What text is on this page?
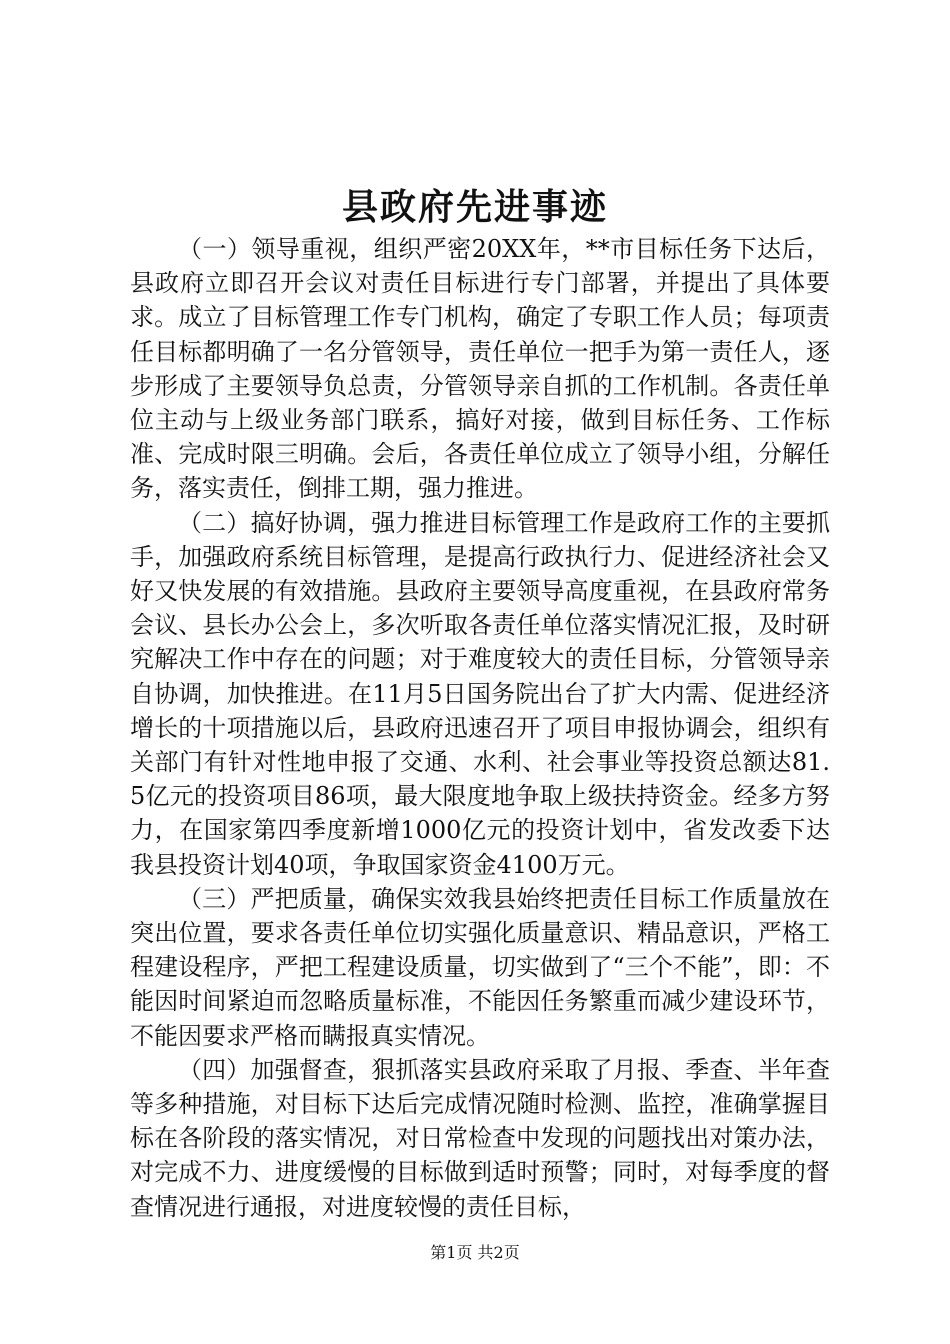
县政府先进事迹

（一）领导重视，组织严密20XX年，**市目标任务下达后，县政府立即召开会议对责任目标进行专门部署，并提出了具体要求。成立了目标管理工作专门机构，确定了专职工作人员；每项责任目标都明确了一名分管领导，责任单位一把手为第一责任人，逐步形成了主要领导负总责，分管领导亲自抓的工作机制。各责任单位主动与上级业务部门联系，搞好对接，做到目标任务、工作标准、完成时限三明确。会后，各责任单位成立了领导小组，分解任务，落实责任，倒排工期，强力推进。

（二）搞好协调，强力推进目标管理工作是政府工作的主要抓手，加强政府系统目标管理，是提高行政执行力、促进经济社会又好又快发展的有效措施。县政府主要领导高度重视，在县政府常务会议、县长办公会上，多次听取各责任单位落实情况汇报，及时研究解决工作中存在的问题；对于难度较大的责任目标，分管领导亲自协调，加快推进。在11月5日国务院出台了扩大内需、促进经济增长的十项措施以后，县政府迅速召开了项目申报协调会，组织有关部门有针对性地申报了交通、水利、社会事业等投资总额达81.5亿元的投资项目86项，最大限度地争取上级扶持资金。经多方努力，在国家第四季度新增1000亿元的投资计划中，省发改委下达我县投资计划40项，争取国家资金4100万元。

（三）严把质量，确保实效我县始终把责任目标工作质量放在突出位置，要求各责任单位切实强化质量意识、精品意识，严格工程建设程序，严把工程建设质量，切实做到了“三个不能”，即：不能因时间紧迫而忽略质量标准，不能因任务繁重而减少建设环节，不能因要求严格而瞒报真实情况。

（四）加强督查，狠抓落实县政府采取了月报、季查、半年查等多种措施，对目标下达后完成情况随时检测、监控，准确掌握目标在各阶段的落实情况，对日常检查中发现的问题找出对策办法，对完成不力、进度缓慢的目标做到适时预警；同时，对每季度的督查情况进行通报，对进度较慢的责任目标，

第1页 共2页
